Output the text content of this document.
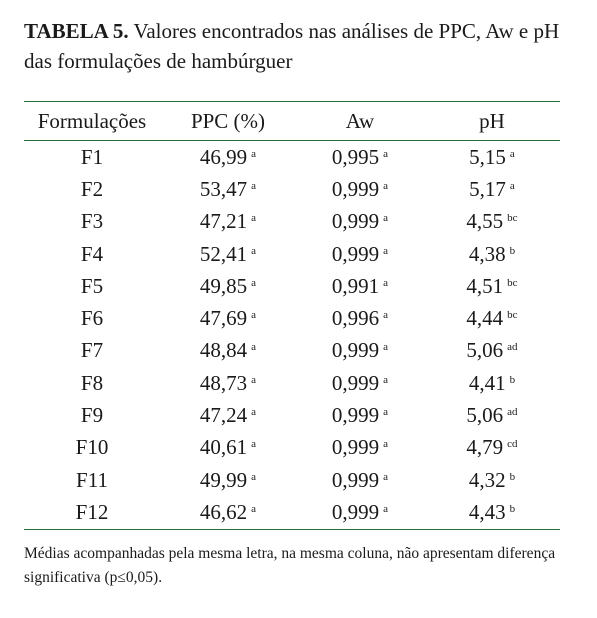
TABELA 5. Valores encontrados nas análises de PPC, Aw e pH das formulações de hambúrguer
Formulações	PPC (%)	Aw	pH
F1	46,99 $^a$	0,995 $^a$	5,15 $^a$
F2	53,47 $^a$	0,999 $^a$	5,17 $^a$
F3	47,21 $^a$	0,999 $^a$	4,55 $^{bc}$
F4	52,41 $^a$	0,999 $^a$	4,38 $^b$
F5	49,85 $^a$	0,991 $^a$	4,51 $^{bc}$
F6	47,69 $^a$	0,996 $^a$	4,44 $^{bc}$
F7	48,84 $^a$	0,999 $^a$	5,06 $^{ad}$
F8	48,73 $^a$	0,999 $^a$	4,41 $^b$
F9	47,24 $^a$	0,999 $^a$	5,06 $^{ad}$
F10	40,61 $^a$	0,999 $^a$	4,79 $^{cd}$
F11	49,99 $^a$	0,999 $^a$	4,32 $^b$
F12	46,62 $^a$	0,999 $^a$	4,43 $^b$
Médias acompanhadas pela mesma letra, na mesma coluna, não apresentam diferença significativa (p≤0,05).
